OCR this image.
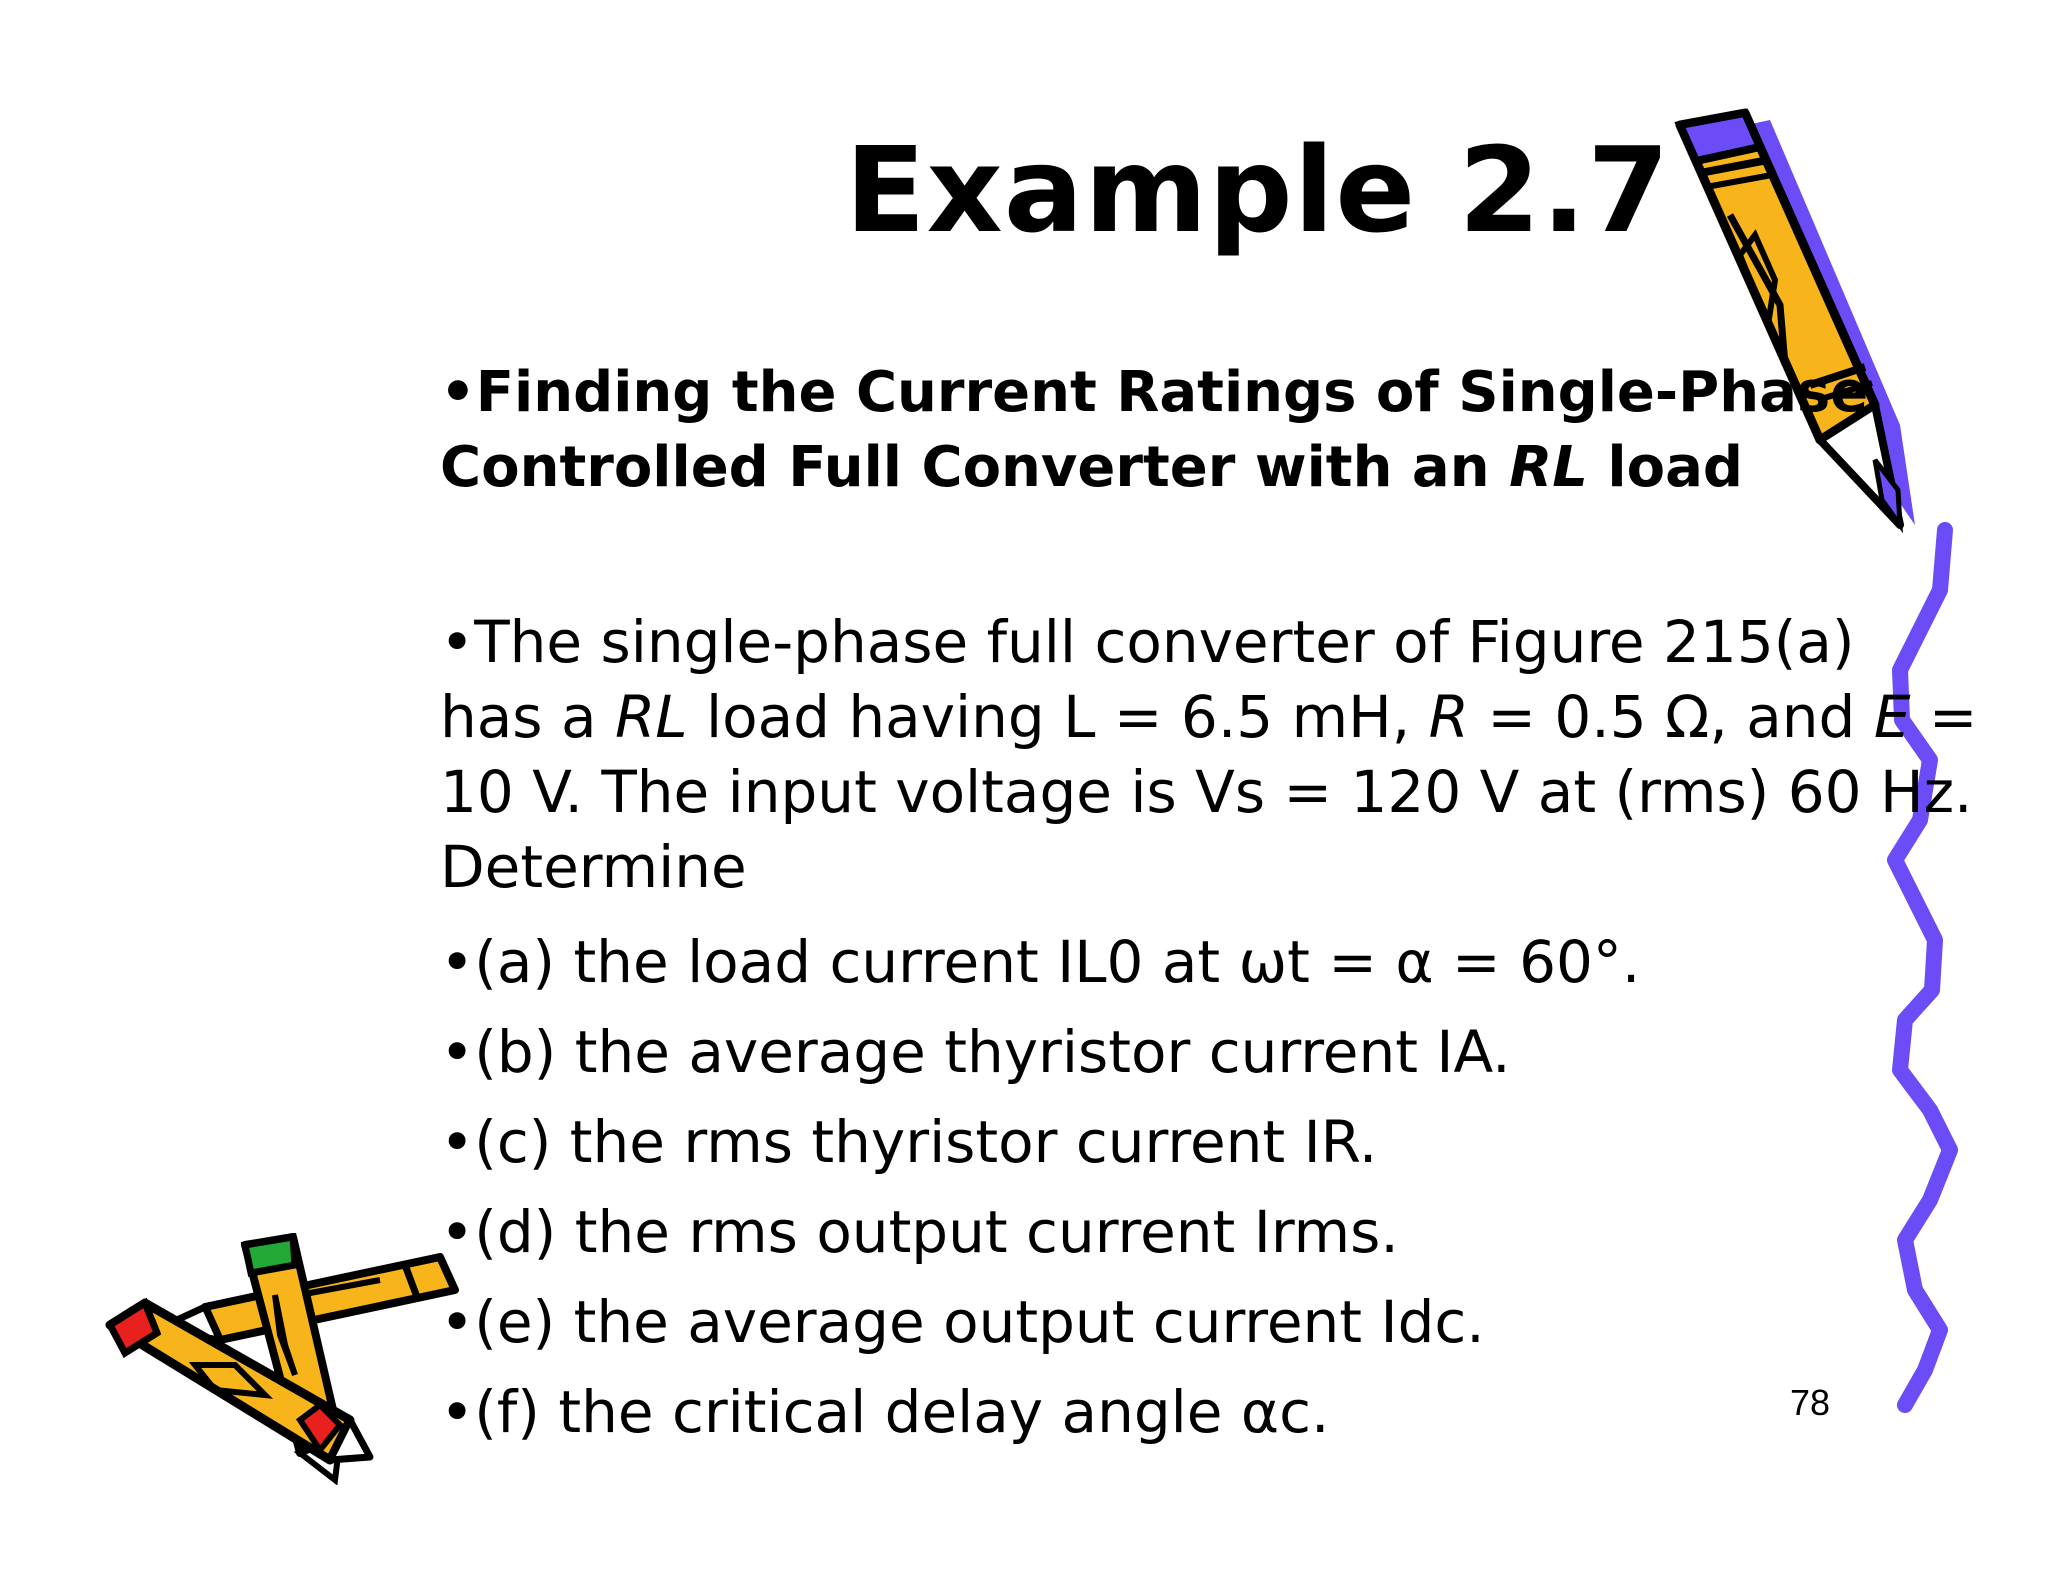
Example 2.7
•Finding the Current Ratings of Single-Phase
Controlled Full Converter with an RL load
•The single-phase full converter of Figure 215(a)
has a RL load having L = 6.5 mH, R = 0.5 Ω, and E =
10 V. The input voltage is Vs = 120 V at (rms) 60 Hz.
Determine
•(a) the load current IL0 at ωt = α = 60°.
•(b) the average thyristor current IA.
•(c) the rms thyristor current IR.
•(d) the rms output current Irms.
•(e) the average output current Idc.
•(f) the critical delay angle αc.	78
